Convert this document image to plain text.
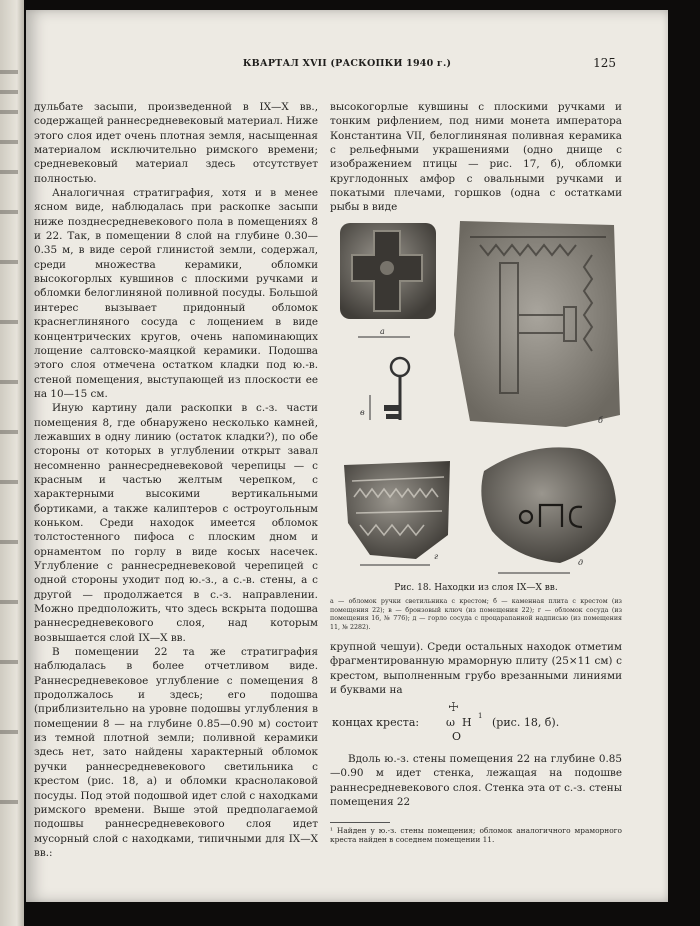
КВАРТАЛ XVII (РАСКОПКИ 1940 г.)	125

дульбате засыпи, произведенной в IX—X вв., содержащей раннесредневековый материал. Ниже этого слоя идет очень плотная земля, насыщенная материалом исключительно римского времени; средневековый материал здесь отсутствует полностью.

Аналогичная стратиграфия, хотя и в менее ясном виде, наблюдалась при раскопке засыпи ниже позднесредневекового пола в помещениях 8 и 22. Так, в помещении 8 слой на глубине 0.30—0.35 м, в виде серой глинистой земли, содержал, среди множества керамики, обломки высокогорлых кувшинов с плоскими ручками и обломки белоглиняной поливной посуды. Большой интерес вызывает придонный обломок краснеглиняного сосуда с лощением в виде концентрических кругов, очень напоминающих лощение салтовско-маяцкой керамики. Подошва этого слоя отмечена остатком кладки под ю.-в. стеной помещения, выступающей из плоскости ее на 10—15 см.

Иную картину дали раскопки в с.-з. части помещения 8, где обнаружено несколько камней, лежавших в одну линию (остаток кладки?), по обе стороны от которых в углублении открыт завал несомненно раннесредневековой черепицы — с красным и частью желтым черепком, с характерными высокими вертикальными бортиками, а также калиптеров с остроугольным коньком. Среди находок имеется обломок толстостенного пифоса с плоским дном и орнаментом по горлу в виде косых насечек. Углубление с раннесредневековой черепицей с одной стороны уходит под ю.-з., а с.-в. стены, а с другой — продолжается в с.-з. направлении. Можно предположить, что здесь вскрыта подошва раннесредневекового слоя, над которым возвышается слой IX—X вв.

В помещении 22 та же стратиграфия наблюдалась в более отчетливом виде. Раннесредневековое углубление с помещения 8 продолжалось и здесь; его подошва (приблизительно на уровне подошвы углубления в помещении 8 — на глубине 0.85—0.90 м) состоит из темной плотной земли; поливной керамики здесь нет, зато найдены характерный обломок ручки раннесредневекового светильника с крестом (рис. 18, а) и обломки краснолаковой посуды. Под этой подошвой идет слой с находками римского времени. Выше этой предполагаемой подошвы раннесредневекового слоя идет мусорный слой с находками, типичными для IX—X вв.:

высокогорлые кувшины с плоскими ручками и тонким рифлением, под ними монета императора Константина VII, белоглиняная поливная керамика с рельефными украшениями (одно днище с изображением птицы — рис. 17, б), обломки круглодонных амфор с овальными ручками и покатыми плечами, горшков (одна с остатками рыбы в виде

а
в
б
г
д
Рис. 18. Находки из слоя IX—X вв.
а — обломок ручки светильника с крестом; б — каменная плита с крестом (из помещения 22); в — бронзовый ключ (из помещения 22); г — обломок сосуда (из помещения 16, № 776); д — горло сосуда с процарапанной надписью (из помещения 11, № 2282).

крупной чешуи). Среди остальных находок отметим фрагментированную мраморную плиту (25×11 см) с крестом, выполненным грубо врезанными линиями и буквами на

концах креста:
☩
ω Н
О
1 (рис. 18, б).

Вдоль ю.-з. стены помещения 22 на глубине 0.85—0.90 м идет стенка, лежащая на подошве раннесредневекового слоя. Стенка эта от с.-з. стены помещения 22

¹ Найден у ю.-з. стены помещения; обломок аналогичного мраморного креста найден в соседнем помещении 11.
